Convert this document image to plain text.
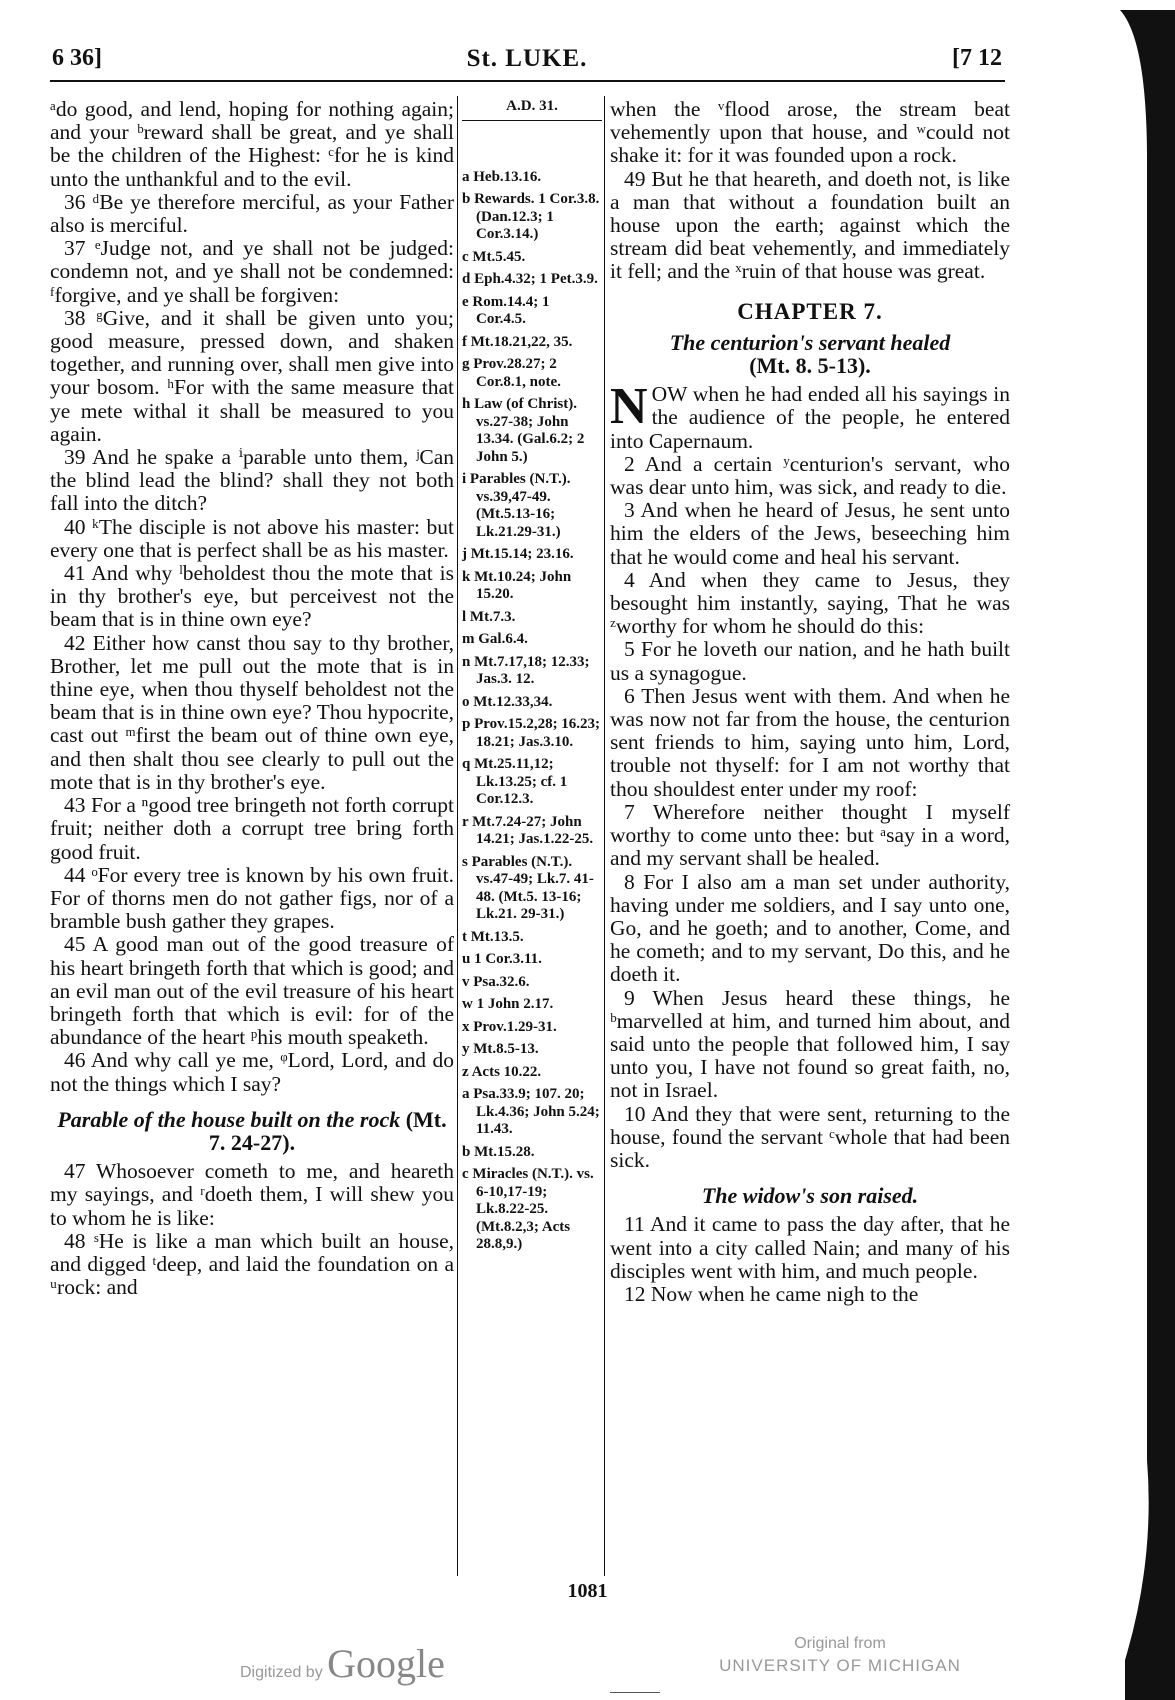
6 36]	St. LUKE.	[7 12

ᵃdo good, and lend, hoping for nothing again; and your ᵇreward shall be great, and ye shall be the children of the Highest: ᶜfor he is kind unto the unthankful and to the evil.

36 ᵈBe ye therefore merciful, as your Father also is merciful.

37 ᵉJudge not, and ye shall not be judged: condemn not, and ye shall not be condemned: ᶠforgive, and ye shall be forgiven:

38 ᵍGive, and it shall be given unto you; good measure, pressed down, and shaken together, and running over, shall men give into your bosom. ʰFor with the same measure that ye mete withal it shall be measured to you again.

39 And he spake a ⁱparable unto them, ʲCan the blind lead the blind? shall they not both fall into the ditch?

40 ᵏThe disciple is not above his master: but every one that is perfect shall be as his master.

41 And why ˡbeholdest thou the mote that is in thy brother's eye, but perceivest not the beam that is in thine own eye?

42 Either how canst thou say to thy brother, Brother, let me pull out the mote that is in thine eye, when thou thyself beholdest not the beam that is in thine own eye? Thou hypocrite, cast out ᵐfirst the beam out of thine own eye, and then shalt thou see clearly to pull out the mote that is in thy brother's eye.

43 For a ⁿgood tree bringeth not forth corrupt fruit; neither doth a corrupt tree bring forth good fruit.

44 ᵒFor every tree is known by his own fruit. For of thorns men do not gather figs, nor of a bramble bush gather they grapes.

45 A good man out of the good treasure of his heart bringeth forth that which is good; and an evil man out of the evil treasure of his heart bringeth forth that which is evil: for of the abundance of the heart ᵖhis mouth speaketh.

46 And why call ye me, ᵠLord, Lord, and do not the things which I say?

Parable of the house built on the rock (Mt. 7. 24-27).

47 Whosoever cometh to me, and heareth my sayings, and ʳdoeth them, I will shew you to whom he is like:

48 ˢHe is like a man which built an house, and digged ᵗdeep, and laid the foundation on a ᵘrock: and

A.D. 31.
a Heb.13.16.
b Rewards. 1 Cor.3.8. (Dan.12.3; 1 Cor.3.14.)
c Mt.5.45.
d Eph.4.32; 1 Pet.3.9.
e Rom.14.4; 1 Cor.4.5.
f Mt.18.21,22, 35.
g Prov.28.27; 2 Cor.8.1, note.
h Law (of Christ). vs.27-38; John 13.34. (Gal.6.2; 2 John 5.)
i Parables (N.T.). vs.39,47-49. (Mt.5.13-16; Lk.21.29-31.)
j Mt.15.14; 23.16.
k Mt.10.24; John 15.20.
l Mt.7.3.
m Gal.6.4.
n Mt.7.17,18; 12.33; Jas.3. 12.
o Mt.12.33,34.
p Prov.15.2,28; 16.23; 18.21; Jas.3.10.
q Mt.25.11,12; Lk.13.25; cf. 1 Cor.12.3.
r Mt.7.24-27; John 14.21; Jas.1.22-25.
s Parables (N.T.). vs.47-49; Lk.7. 41-48. (Mt.5. 13-16; Lk.21. 29-31.)
t Mt.13.5.
u 1 Cor.3.11.
v Psa.32.6.
w 1 John 2.17.
x Prov.1.29-31.
y Mt.8.5-13.
z Acts 10.22.
a Psa.33.9; 107. 20; Lk.4.36; John 5.24; 11.43.
b Mt.15.28.
c Miracles (N.T.). vs. 6-10,17-19; Lk.8.22-25. (Mt.8.2,3; Acts 28.8,9.)

when the ᵛflood arose, the stream beat vehemently upon that house, and ʷcould not shake it: for it was founded upon a rock.

49 But he that heareth, and doeth not, is like a man that without a foundation built an house upon the earth; against which the stream did beat vehemently, and immediately it fell; and the ˣruin of that house was great.

CHAPTER 7.
The centurion's servant healed
(Mt. 8. 5-13).

NOW when he had ended all his sayings in the audience of the people, he entered into Capernaum.

2 And a certain ʸcenturion's servant, who was dear unto him, was sick, and ready to die.

3 And when he heard of Jesus, he sent unto him the elders of the Jews, beseeching him that he would come and heal his servant.

4 And when they came to Jesus, they besought him instantly, saying, That he was ᶻworthy for whom he should do this:

5 For he loveth our nation, and he hath built us a synagogue.

6 Then Jesus went with them. And when he was now not far from the house, the centurion sent friends to him, saying unto him, Lord, trouble not thyself: for I am not worthy that thou shouldest enter under my roof:

7 Wherefore neither thought I myself worthy to come unto thee: but ᵃsay in a word, and my servant shall be healed.

8 For I also am a man set under authority, having under me soldiers, and I say unto one, Go, and he goeth; and to another, Come, and he cometh; and to my servant, Do this, and he doeth it.

9 When Jesus heard these things, he ᵇmarvelled at him, and turned him about, and said unto the people that followed him, I say unto you, I have not found so great faith, no, not in Israel.

10 And they that were sent, returning to the house, found the servant ᶜwhole that had been sick.

The widow's son raised.

11 And it came to pass the day after, that he went into a city called Nain; and many of his disciples went with him, and much people.

12 Now when he came nigh to the

1081
Digitized by Google	Original from
UNIVERSITY OF MICHIGAN
